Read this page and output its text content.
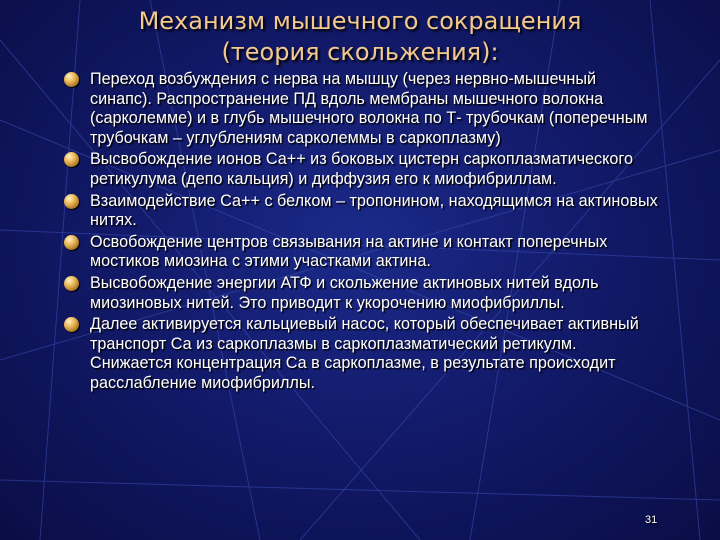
Механизм мышечного сокращения
(теория скольжения):
Переход возбуждения с нерва на мышцу (через нервно-мышечный синапс). Распространение ПД вдоль мембраны мышечного волокна (сарколемме) и в глубь мышечного волокна по Т- трубочкам (поперечным трубочкам – углублениям сарколеммы в саркоплазму)
Высвобождение ионов Са++ из боковых цистерн саркоплазматического ретикулума (депо кальция) и диффузия его к миофибриллам.
Взаимодействие Са++ с белком – тропонином, находящимся на актиновых нитях.
Освобождение центров связывания на актине и контакт поперечных мостиков миозина с этими участками актина.
Высвобождение энергии АТФ и скольжение актиновых нитей вдоль миозиновых нитей. Это приводит к укорочению миофибриллы.
Далее активируется кальциевый насос, который обеспечивает активный транспорт Са из саркоплазмы в саркоплазматический ретикулм. Снижается концентрация Са в саркоплазме, в результате происходит расслабление миофибриллы.
31
